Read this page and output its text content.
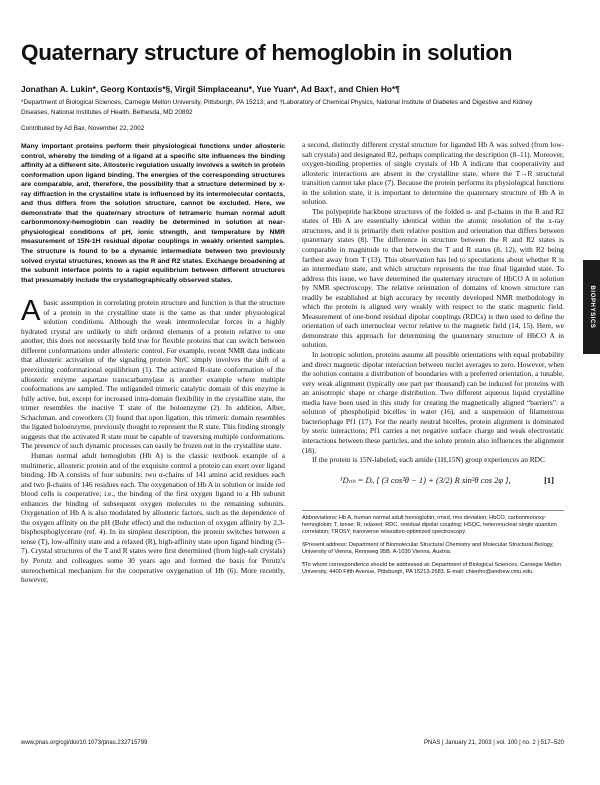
Quaternary structure of hemoglobin in solution
Jonathan A. Lukin*, Georg Kontaxis*§, Virgil Simplaceanu*, Yue Yuan*, Ad Bax†, and Chien Ho*¶
*Department of Biological Sciences, Carnegie Mellon University, Pittsburgh, PA 15213; and †Laboratory of Chemical Physics, National Institute of Diabetes and Digestive and Kidney Diseases, National Institutes of Health, Bethesda, MD 20892
Contributed by Ad Bax, November 22, 2002
Many important proteins perform their physiological functions under allosteric control, whereby the binding of a ligand at a specific site influences the binding affinity at a different site. Allosteric regulation usually involves a switch in protein conformation upon ligand binding. The energies of the corresponding structures are comparable, and, therefore, the possibility that a structure determined by x-ray diffraction in the crystalline state is influenced by its intermolecular contacts, and thus differs from the solution structure, cannot be excluded. Here, we demonstrate that the quaternary structure of tetrameric human normal adult carbonmonoxy-hemoglobin can readily be determined in solution at near-physiological conditions of pH, ionic strength, and temperature by NMR measurement of 15N-1H residual dipolar couplings in weakly oriented samples. The structure is found to be a dynamic intermediate between two previously solved crystal structures, known as the R and R2 states. Exchange broadening at the subunit interface points to a rapid equilibrium between different structures that presumably include the crystallographically observed states.

Abasic assumption in correlating protein structure and function is that the structure of a protein in the crystalline state is the same as that under physiological solution conditions. Although the weak intermolecular forces in a highly hydrated crystal are unlikely to shift ordered elements of a protein relative to one another, this does not necessarily hold true for flexible proteins that can switch between different conformations under allosteric control. For example, recent NMR data indicate that allosteric activation of the signaling protein NtrC simply involves the shift of a preexisting conformational equilibrium (1). The activated R-state conformation of the allosteric enzyme aspartate transcarbamylase is another example where multiple conformations are sampled. The unliganded trimeric catalytic domain of this enzyme is fully active, but, except for increased intra-domain flexibility in the crystalline state, the trimer resembles the inactive T state of the holoenzyme (2). In addition, Alber, Schachman, and coworkers (3) found that upon ligation, this trimeric domain resembles the ligated holoenzyme, previously thought to represent the R state. This finding strongly suggests that the activated R state must be capable of traversing multiple conformations. The presence of such dynamic processes can easily be frozen out in the crystalline state.

Human normal adult hemoglobin (Hb A) is the classic textbook example of a multimeric, allosteric protein and of the exquisite control a protein can exert over ligand binding. Hb A consists of four subunits: two α-chains of 141 amino acid residues each and two β-chains of 146 residues each. The oxygenation of Hb A in solution or inside red blood cells is cooperative; i.e., the binding of the first oxygen ligand to a Hb subunit enhances the binding of subsequent oxygen molecules to the remaining subunits. Oxygenation of Hb A is also modulated by allosteric factors, such as the dependence of the oxygen affinity on the pH (Bohr effect) and the reduction of oxygen affinity by 2,3-bisphosphoglycerate (ref. 4). In its simplest description, the protein switches between a tense (T), low-affinity state and a relaxed (R), high-affinity state upon ligand binding (5–7). Crystal structures of the T and R states were first determined (from high-salt crystals) by Perutz and colleagues some 30 years ago and formed the basis for Perutz's stereochemical mechanism for the cooperative oxygenation of Hb (6). More recently, however,

a second, distinctly different crystal structure for liganded Hb A was solved (from low-salt crystals) and designated R2, perhaps complicating the description (8–11). Moreover, oxygen-binding properties of single crystals of Hb A indicate that cooperativity and allosteric interactions are absent in the crystalline state, where the T→R structural transition cannot take place (7). Because the protein performs its physiological functions in the solution state, it is important to determine the quaternary structure of Hb A in solution.

The polypeptide backbone structures of the folded α- and β-chains in the R and R2 states of Hb A are essentially identical within the atomic resolution of the x-ray structures, and it is primarily their relative position and orientation that differs between quaternary states (8). The difference in structure between the R and R2 states is comparable in magnitude to that between the T and R states (8, 12), with R2 being farthest away from T (13). This observation has led to speculations about whether R is an intermediate state, and which structure represents the true final liganded state. To address this issue, we have determined the quaternary structure of HbCO A in solution by NMR spectroscopy. The relative orientation of domains of known structure can readily be established at high accuracy by recently developed NMR methodology in which the protein is aligned very weakly with respect to the static magnetic field. Measurement of one-bond residual dipolar couplings (RDCs) is then used to define the orientation of each internuclear vector relative to the magnetic field (14, 15). Here, we demonstrate this approach for determining the quaternary structure of HbCO A in solution.

In isotropic solution, proteins assume all possible orientations with equal probability and direct magnetic dipolar interaction between nuclei averages to zero. However, when the solution contains a distribution of boundaries with a preferred orientation, a tunable, very weak alignment (typically one part per thousand) can be induced for proteins with an anisotropic shape or charge distribution. Two different aqueous liquid crystalline media have been used in this study for creating the magnetically aligned “barriers”: a solution of phospholipid bicelles in water (16), and a suspension of filamentous bacteriophage Pf1 (17). For the nearly neutral bicelles, protein alignment is dominated by steric interactions; Pf1 carries a net negative surface charge and weak electrostatic interactions between these particles, and the solute protein also influences the alignment (18).

If the protein is 15N-labeled, each amide (1H,15N) group experiences an RDC

¹Dₙₕ = Dₐ [ (3 cos²θ − 1) + (3/2) R sin²θ cos 2φ ],	[1]
Abbreviations: Hb A, human normal adult hemoglobin; rmsd, rms deviation; HbCO, carbonmonoxy-hemoglobin; T, tense; R, relaxed; RDC, residual dipolar coupling; HSQC, heteronuclear single quantum correlation; TROSY, transverse relaxation-optimized spectroscopy.
§Present address: Department of Biomolecular Structural Chemistry and Molecular Structural Biology, University of Vienna, Rennweg 95B, A-1030 Vienna, Austria.
¶To whom correspondence should be addressed at: Department of Biological Sciences, Carnegie Mellon University, 4400 Fifth Avenue, Pittsburgh, PA 15213-2683. E-mail: chienho@andrew.cmu.edu.
BIOPHYSICS
www.pnas.org/cgi/doi/10.1073/pnas.232715799	PNAS | January 21, 2003 | vol. 100 | no. 2 | 517–520
